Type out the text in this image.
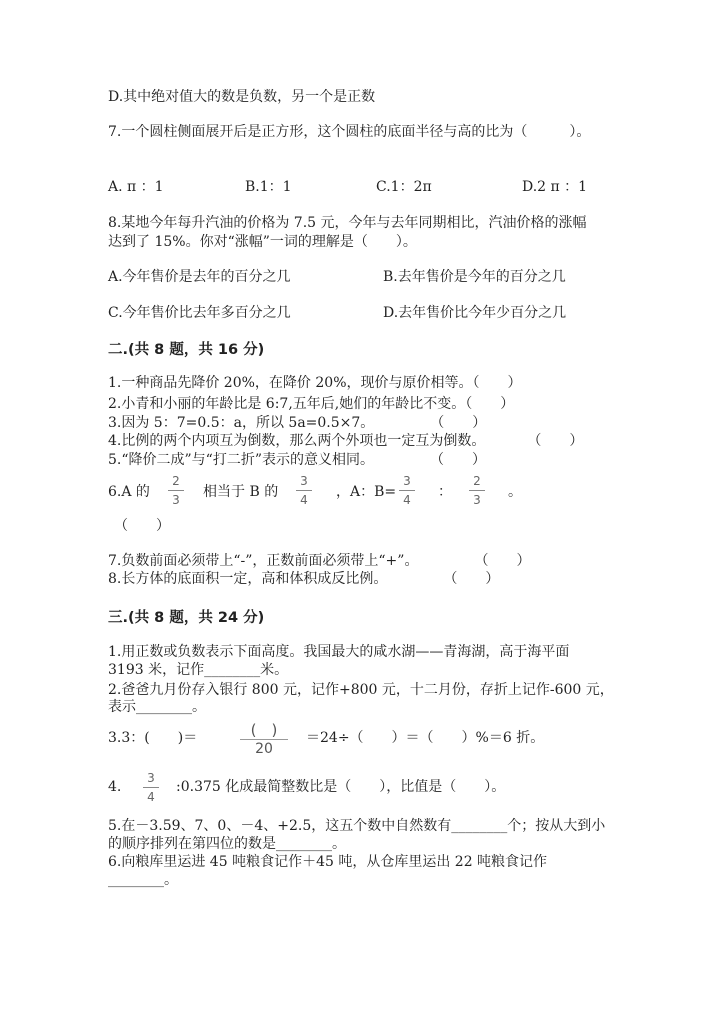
D.其中绝对值大的数是负数，另一个是正数
7.一个圆柱侧面展开后是正方形，这个圆柱的底面半径与高的比为（　　　）。
A. π ：1	B.1：1	C.1：2π	D.2 π ：1
8.某地今年每升汽油的价格为 7.5 元，今年与去年同期相比，汽油价格的涨幅
达到了 15%。你对“涨幅”一词的理解是（　　）。
A.今年售价是去年的百分之几	B.去年售价是今年的百分之几
C.今年售价比去年多百分之几	D.去年售价比今年少百分之几
二.(共 8 题，共 16 分)
1.一种商品先降价 20%，在降价 20%，现价与原价相等。（　　）
2.小青和小丽的年龄比是 6:7,五年后,她们的年龄比不变。（　　）
3.因为 5：7=0.5：a，所以 5a=0.5×7。　　　　　（　　）
4.比例的两个内项互为倒数，那么两个外项也一定互为倒数。　　　　（　　）
5.“降价二成”与“打二折”表示的意义相同。　　　　　（　　）
6.A 的
2
3 相当于 B 的
3
4 ，A：B=
3
4 ：
2
3 。
（　　）
7.负数前面必须带上“-”，正数前面必须带上“+”。　　　　　（　　）
8.长方体的底面积一定，高和体积成反比例。　　　　　（　　）
三.(共 8 题，共 24 分)
1.用正数或负数表示下面高度。我国最大的咸水湖——青海湖，高于海平面
3193 米，记作________米。
2.爸爸九月份存入银行 800 元，记作+800 元，十二月份，存折上记作-600 元，
表示________。
3.3：(　　)＝	(　)
20
＝24÷（　　）＝（　　）%＝6 折。
4.
3
4
:0.375 化成最简整数比是（　　），比值是（　　）。
5.在－3.59、7、0、－4、+2.5，这五个数中自然数有________个；按从大到小
的顺序排列在第四位的数是________。
6.向粮库里运进 45 吨粮食记作＋45 吨，从仓库里运出 22 吨粮食记作
________。
